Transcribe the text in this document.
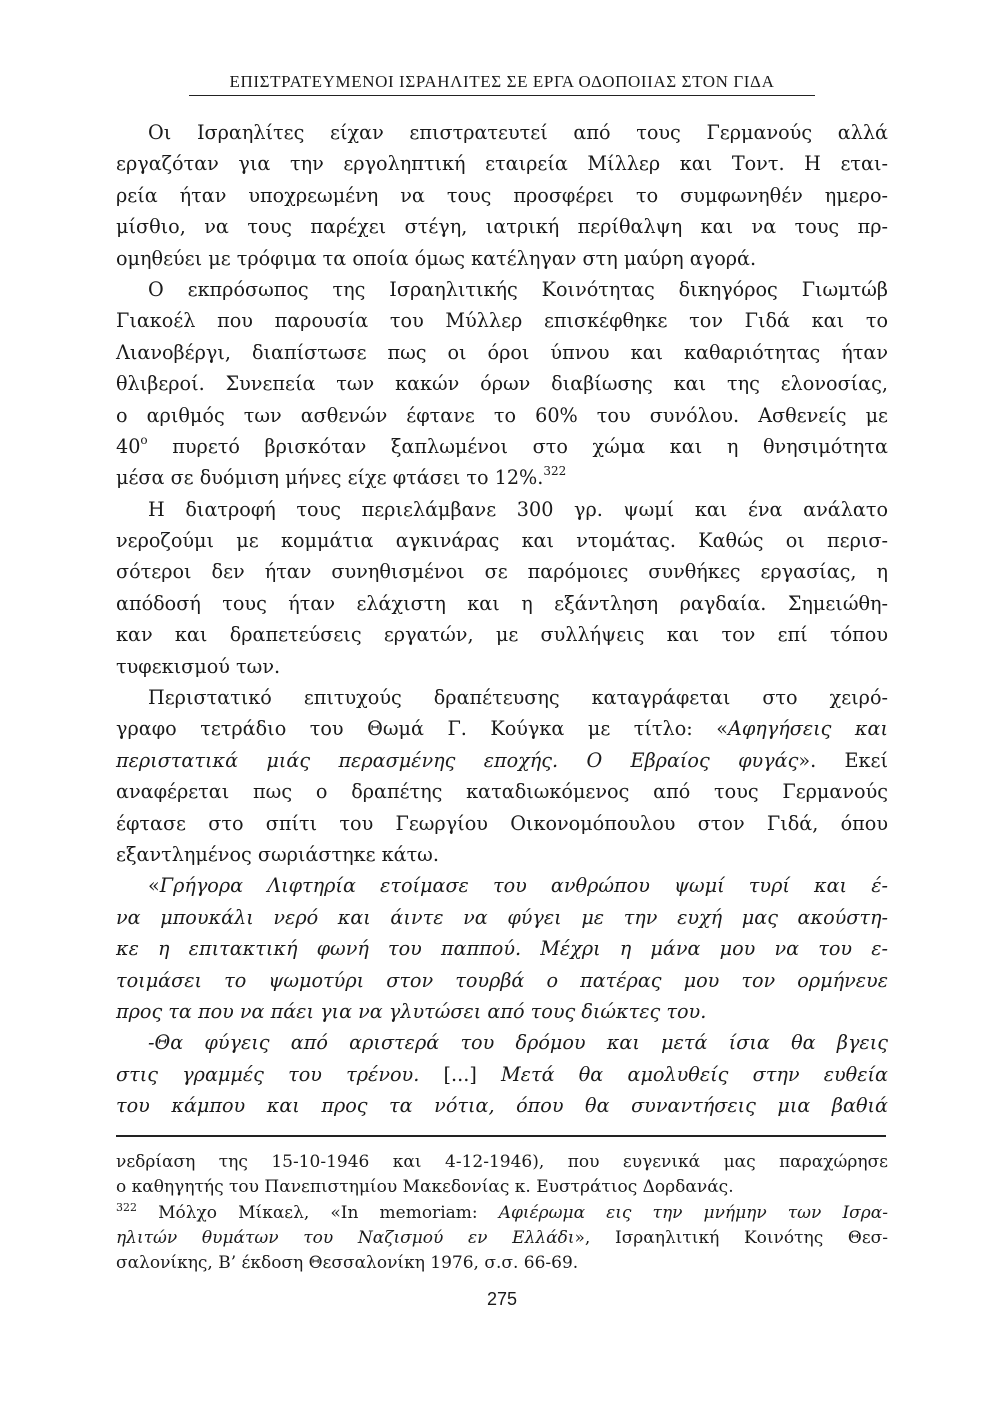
ΕΠΙΣΤΡΑΤΕΥΜΕΝΟΙ ΙΣΡΑΗΛΙΤΕΣ ΣΕ ΕΡΓΑ ΟΔΟΠΟΙΙΑΣ ΣΤΟΝ ΓΙΔΑ
Οι Ισραηλίτες είχαν επιστρατευτεί από τους Γερμανούς αλλά
εργαζόταν για την εργοληπτική εταιρεία Μίλλερ και Τοντ. Η εται-
ρεία ήταν υποχρεωμένη να τους προσφέρει το συμφωνηθέν ημερο-
μίσθιο, να τους παρέχει στέγη, ιατρική περίθαλψη και να τους πρ-
ομηθεύει με τρόφιμα τα οποία όμως κατέληγαν στη μαύρη αγορά.
Ο εκπρόσωπος της Ισραηλιτικής Κοινότητας δικηγόρος Γιωμτώβ
Γιακοέλ που παρουσία του Μύλλερ επισκέφθηκε τον Γιδά και το
Λιανοβέργι, διαπίστωσε πως οι όροι ύπνου και καθαριότητας ήταν
θλιβεροί. Συνεπεία των κακών όρων διαβίωσης και της ελονοσίας,
ο αριθμός των ασθενών έφτανε το 60% του συνόλου. Ασθενείς με
$40^o$ πυρετό βρισκόταν ξαπλωμένοι στο χώμα και η θνησιμότητα
μέσα σε δυόμιση μήνες είχε φτάσει το 12%.$^{322}$
Η διατροφή τους περιελάμβανε 300 γρ. ψωμί και ένα ανάλατο
νεροζούμι με κομμάτια αγκινάρας και ντομάτας. Καθώς οι περισ-
σότεροι δεν ήταν συνηθισμένοι σε παρόμοιες συνθήκες εργασίας, η
απόδοσή τους ήταν ελάχιστη και η εξάντληση ραγδαία. Σημειώθη-
καν και δραπετεύσεις εργατών, με συλλήψεις και τον επί τόπου
τυφεκισμού των.
Περιστατικό επιτυχούς δραπέτευσης καταγράφεται στο χειρό-
γραφο τετράδιο του Θωμά Γ. Κούγκα με τίτλο: «Αφηγήσεις και
περιστατικά μιάς περασμένης εποχής. Ο Εβραίος φυγάς». Εκεί
αναφέρεται πως ο δραπέτης καταδιωκόμενος από τους Γερμανούς
έφτασε στο σπίτι του Γεωργίου Οικονομόπουλου στον Γιδά, όπου
εξαντλημένος σωριάστηκε κάτω.
«Γρήγορα Λιφτηρία ετοίμασε του ανθρώπου ψωμί τυρί και έ-
να μπουκάλι νερό και άιντε να φύγει με την ευχή μας ακούστη-
κε η επιτακτική φωνή του παππού. Μέχρι η μάνα μου να του ε-
τοιμάσει το ψωμοτύρι στον τουρβά ο πατέρας μου τον ορμήνευε
προς τα που να πάει για να γλυτώσει από τους διώκτες του.
-Θα φύγεις από αριστερά του δρόμου και μετά ίσια θα βγεις
στις γραμμές του τρένου. [...] Μετά θα αμολυθείς στην ευθεία
του κάμπου και προς τα νότια, όπου θα συναντήσεις μια βαθιά
νεδρίαση της 15-10-1946 και 4-12-1946), που ευγενικά μας παραχώρησε
ο καθηγητής του Πανεπιστημίου Μακεδονίας κ. Ευστράτιος Δορδανάς.
$^{322}$ Μόλχο Μίκαελ, «In memoriam: Αφιέρωμα εις την μνήμην των Ισρα-
ηλιτών θυμάτων του Ναζισμού εν Ελλάδι», Ισραηλιτική Κοινότης Θεσ-
σαλονίκης, Β’ έκδοση Θεσσαλονίκη 1976, σ.σ. 66-69.
275
